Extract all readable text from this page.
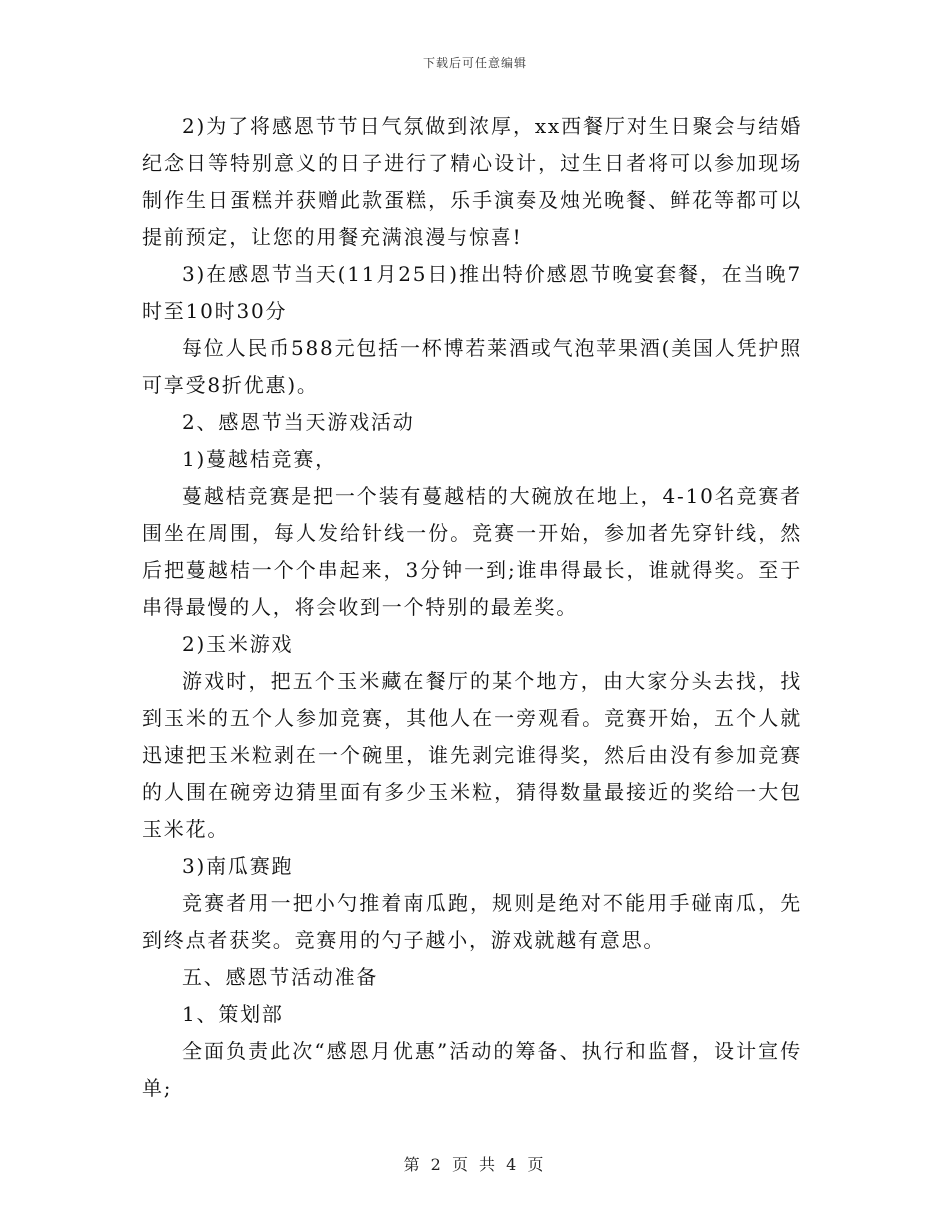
下载后可任意编辑

2)为了将感恩节节日气氛做到浓厚，xx西餐厅对生日聚会与结婚纪念日等特别意义的日子进行了精心设计，过生日者将可以参加现场制作生日蛋糕并获赠此款蛋糕，乐手演奏及烛光晚餐、鲜花等都可以提前预定，让您的用餐充满浪漫与惊喜!

3)在感恩节当天(11月25日)推出特价感恩节晚宴套餐，在当晚7时至10时30分

每位人民币588元包括一杯博若莱酒或气泡苹果酒(美国人凭护照可享受8折优惠)。

2、感恩节当天游戏活动

1)蔓越桔竞赛，

蔓越桔竞赛是把一个装有蔓越桔的大碗放在地上，4-10名竞赛者围坐在周围，每人发给针线一份。竞赛一开始，参加者先穿针线，然后把蔓越桔一个个串起来，3分钟一到;谁串得最长，谁就得奖。至于串得最慢的人，将会收到一个特别的最差奖。

2)玉米游戏

游戏时，把五个玉米藏在餐厅的某个地方，由大家分头去找，找到玉米的五个人参加竞赛，其他人在一旁观看。竞赛开始，五个人就迅速把玉米粒剥在一个碗里，谁先剥完谁得奖，然后由没有参加竞赛的人围在碗旁边猜里面有多少玉米粒，猜得数量最接近的奖给一大包玉米花。

3)南瓜赛跑

竞赛者用一把小勺推着南瓜跑，规则是绝对不能用手碰南瓜，先到终点者获奖。竞赛用的勺子越小，游戏就越有意思。

五、感恩节活动准备

1、策划部

全面负责此次“感恩月优惠”活动的筹备、执行和监督，设计宣传单;

第 2 页 共 4 页
